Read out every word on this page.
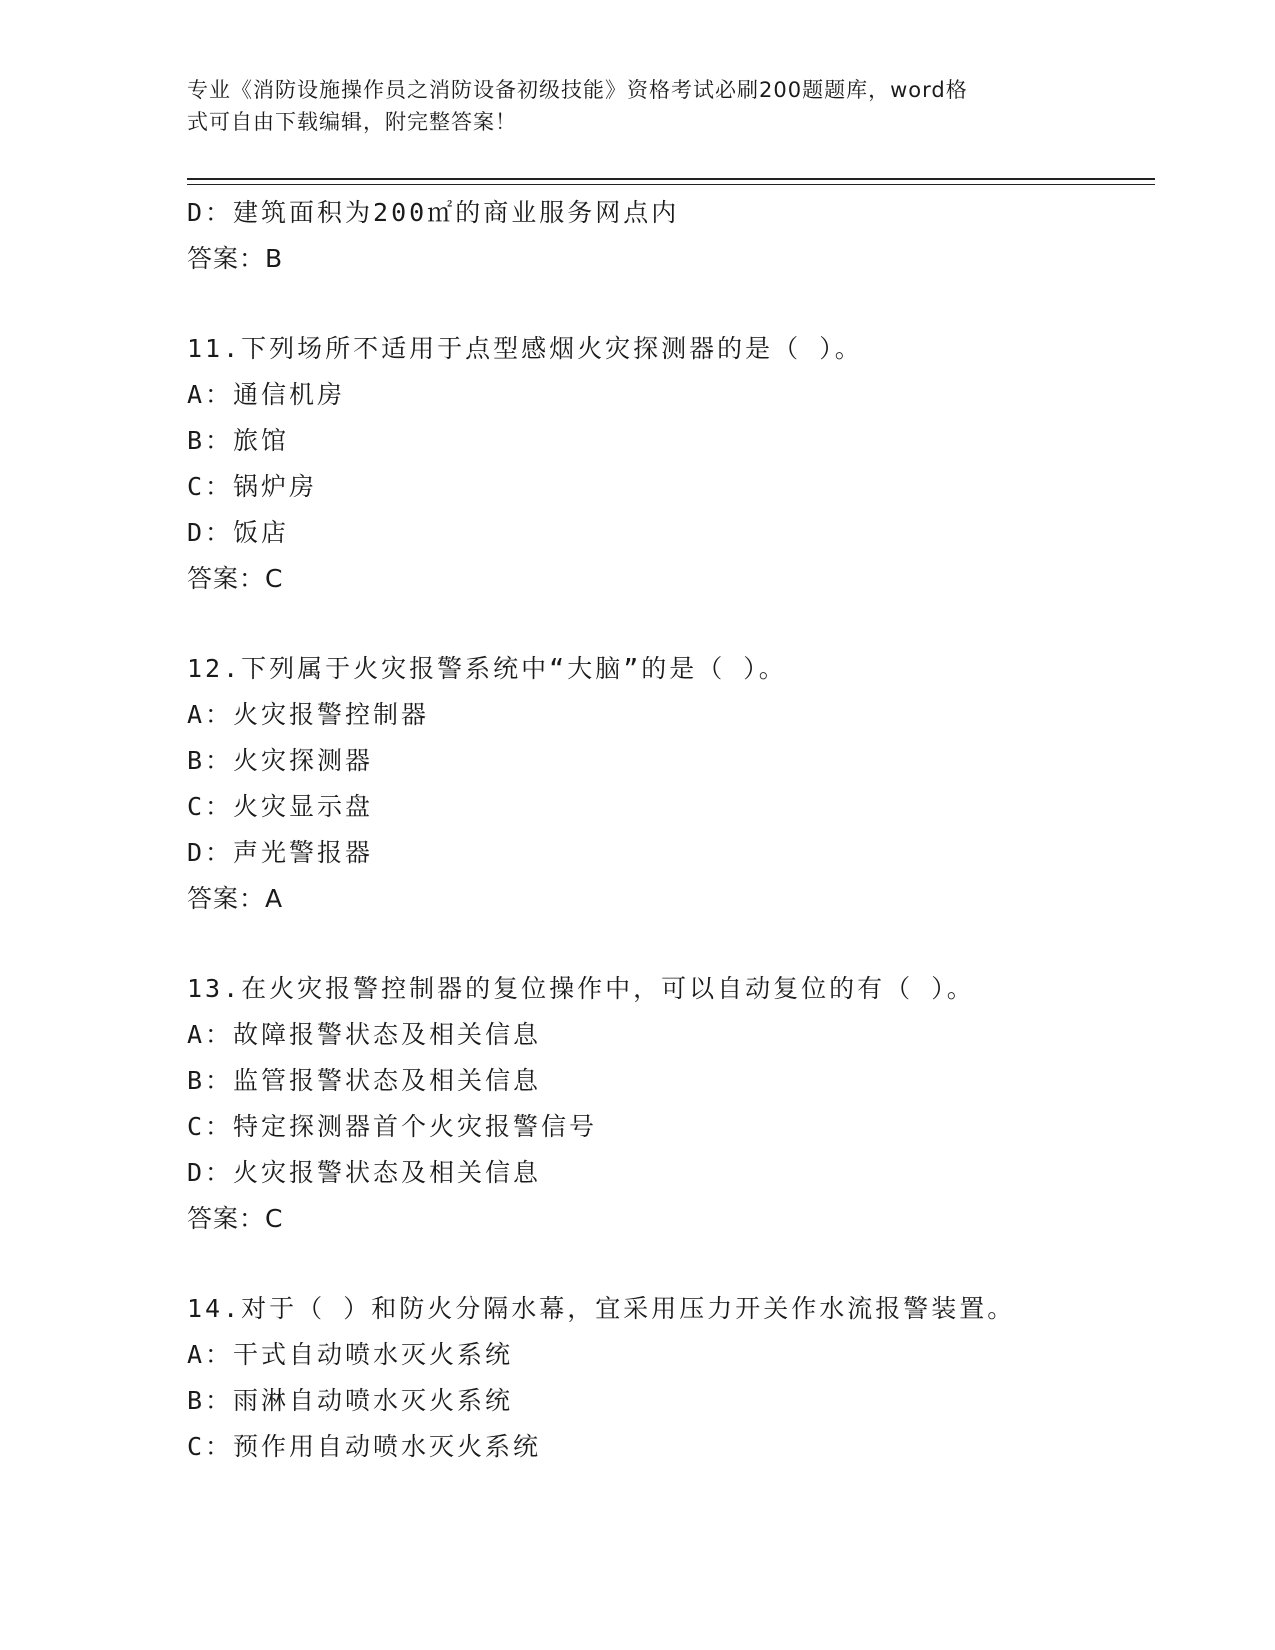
专业《消防设施操作员之消防设备初级技能》资格考试必刷200题题库，word格
式可自由下载编辑，附完整答案！
D：建筑面积为200㎡的商业服务网点内
答案：B
11.下列场所不适用于点型感烟火灾探测器的是（ ）。
A：通信机房
B：旅馆
C：锅炉房
D：饭店
答案：C
12.下列属于火灾报警系统中“大脑”的是（ ）。
A：火灾报警控制器
B：火灾探测器
C：火灾显示盘
D：声光警报器
答案：A
13.在火灾报警控制器的复位操作中，可以自动复位的有（ ）。
A：故障报警状态及相关信息
B：监管报警状态及相关信息
C：特定探测器首个火灾报警信号
D：火灾报警状态及相关信息
答案：C
14.对于（ ）和防火分隔水幕，宜采用压力开关作水流报警装置。
A：干式自动喷水灭火系统
B：雨淋自动喷水灭火系统
C：预作用自动喷水灭火系统
